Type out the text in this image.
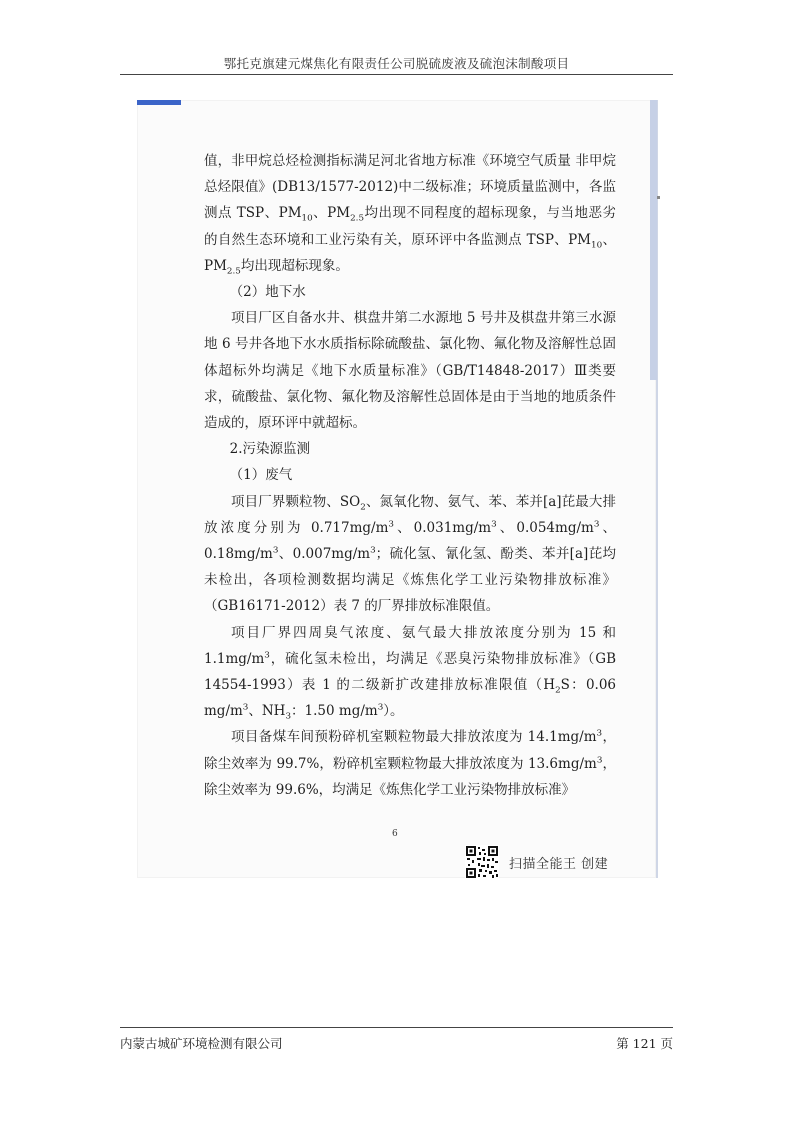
鄂托克旗建元煤焦化有限责任公司脱硫废液及硫泡沫制酸项目

值，非甲烷总烃检测指标满足河北省地方标准《环境空气质量 非甲烷总烃限值》(DB13/1577-2012)中二级标准；环境质量监测中，各监测点 TSP、$PM_{10}$、$PM_{2.5}$均出现不同程度的超标现象，与当地恶劣的自然生态环境和工业污染有关，原环评中各监测点 TSP、$PM_{10}$、$PM_{2.5}$均出现超标现象。

（2）地下水

项目厂区自备水井、棋盘井第二水源地 5 号井及棋盘井第三水源地 6 号井各地下水水质指标除硫酸盐、氯化物、氟化物及溶解性总固体超标外均满足《地下水质量标准》（GB/T14848-2017）Ⅲ类要求，硫酸盐、氯化物、氟化物及溶解性总固体是由于当地的地质条件造成的，原环评中就超标。

2.污染源监测

（1）废气

项目厂界颗粒物、$SO_2$、氮氧化物、氨气、苯、苯并[a]芘最大排放浓度分别为 $0.717mg/m^3$、$0.031mg/m^3$、$0.054mg/m^3$、$0.18mg/m^3$、$0.007mg/m^3$；硫化氢、氰化氢、酚类、苯并[a]芘均未检出，各项检测数据均满足《炼焦化学工业污染物排放标准》（GB16171-2012）表 7 的厂界排放标准限值。

项目厂界四周臭气浓度、氨气最大排放浓度分别为 15 和 $1.1mg/m^3$，硫化氢未检出，均满足《恶臭污染物排放标准》（GB 14554-1993）表 1 的二级新扩改建排放标准限值（$H_2S$：0.06 $mg/m^3$、$NH_3$：1.50 $mg/m^3$）。

项目备煤车间预粉碎机室颗粒物最大排放浓度为 $14.1mg/m^3$，除尘效率为 99.7%，粉碎机室颗粒物最大排放浓度为 $13.6mg/m^3$，除尘效率为 99.6%，均满足《炼焦化学工业污染物排放标准》

6
扫描全能王 创建
内蒙古城矿环境检测有限公司	第 121 页
